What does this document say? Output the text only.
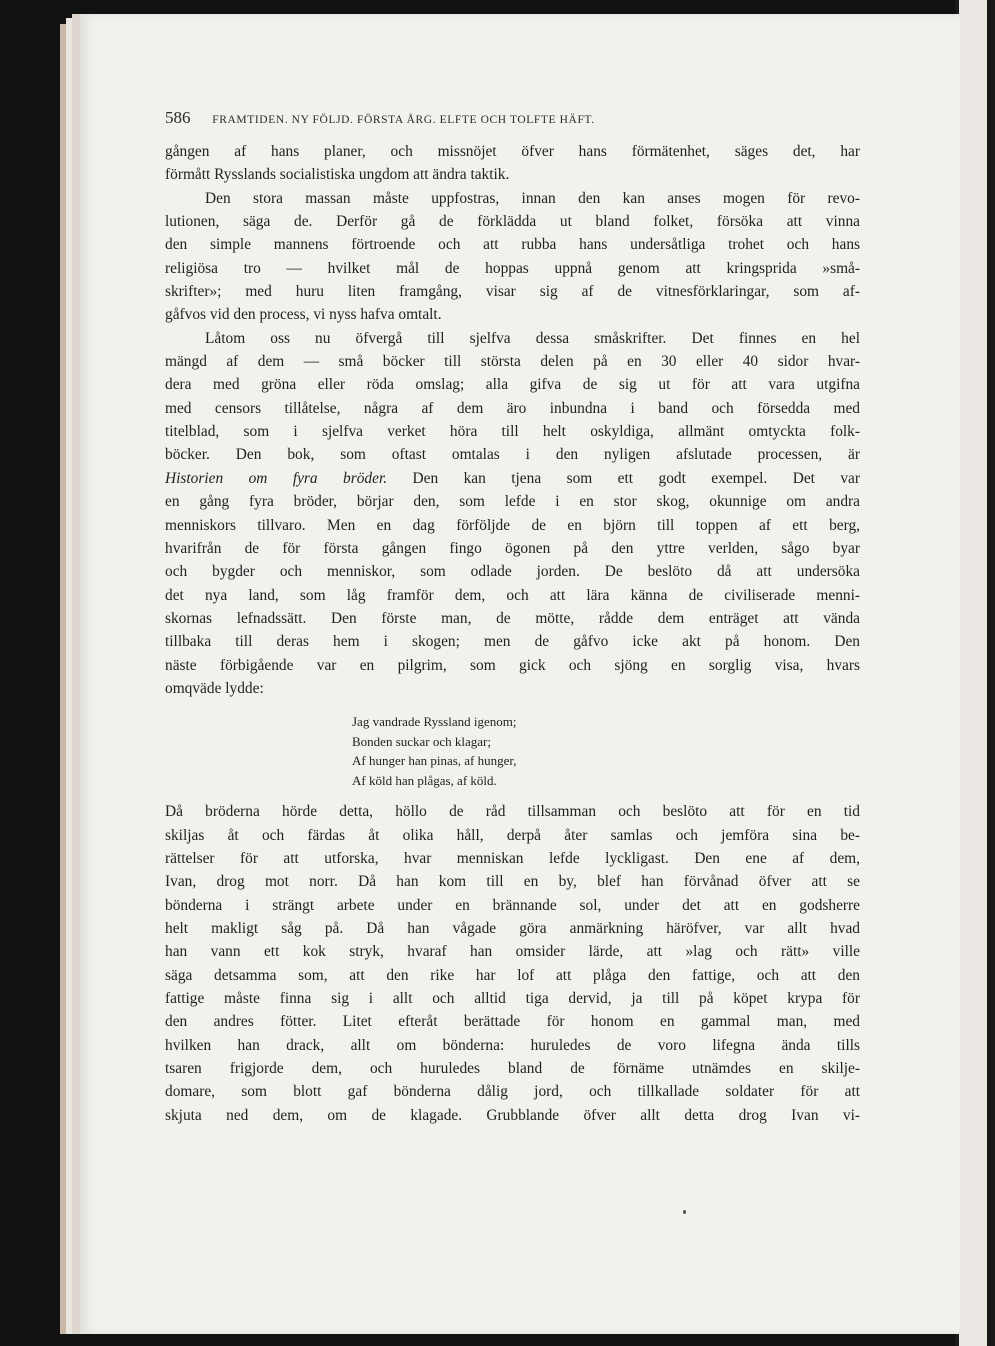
586 FRAMTIDEN. NY FÖLJD. FÖRSTA ÅRG. ELFTE OCH TOLFTE HÄFT.
gången af hans planer, och missnöjet öfver hans förmätenhet, säges det, har
förmått Rysslands socialistiska ungdom att ändra taktik.
Den stora massan måste uppfostras, innan den kan anses mogen för revo-
lutionen, säga de. Derför gå de förklädda ut bland folket, försöka att vinna
den simple mannens förtroende och att rubba hans undersåtliga trohet och hans
religiösa tro — hvilket mål de hoppas uppnå genom att kringsprida »små-
skrifter»; med huru liten framgång, visar sig af de vitnesförklaringar, som af-
gåfvos vid den process, vi nyss hafva omtalt.
Låtom oss nu öfvergå till sjelfva dessa småskrifter. Det finnes en hel
mängd af dem — små böcker till största delen på en 30 eller 40 sidor hvar-
dera med gröna eller röda omslag; alla gifva de sig ut för att vara utgifna
med censors tillåtelse, några af dem äro inbundna i band och försedda med
titelblad, som i sjelfva verket höra till helt oskyldiga, allmänt omtyckta folk-
böcker. Den bok, som oftast omtalas i den nyligen afslutade processen, är
Historien om fyra bröder. Den kan tjena som ett godt exempel. Det var
en gång fyra bröder, börjar den, som lefde i en stor skog, okunnige om andra
menniskors tillvaro. Men en dag förföljde de en björn till toppen af ett berg,
hvarifrån de för första gången fingo ögonen på den yttre verlden, sågo byar
och bygder och menniskor, som odlade jorden. De beslöto då att undersöka
det nya land, som låg framför dem, och att lära känna de civiliserade menni-
skornas lefnadssätt. Den förste man, de mötte, rådde dem enträget att vända
tillbaka till deras hem i skogen; men de gåfvo icke akt på honom. Den
näste förbigående var en pilgrim, som gick och sjöng en sorglig visa, hvars
omqväde lydde:
Jag vandrade Ryssland igenom;
Bonden suckar och klagar;
Af hunger han pinas, af hunger,
Af köld han plågas, af köld.
Då bröderna hörde detta, höllo de råd tillsamman och beslöto att för en tid
skiljas åt och färdas åt olika håll, derpå åter samlas och jemföra sina be-
rättelser för att utforska, hvar menniskan lefde lyckligast. Den ene af dem,
Ivan, drog mot norr. Då han kom till en by, blef han förvånad öfver att se
bönderna i strängt arbete under en brännande sol, under det att en godsherre
helt makligt såg på. Då han vågade göra anmärkning häröfver, var allt hvad
han vann ett kok stryk, hvaraf han omsider lärde, att »lag och rätt» ville
säga detsamma som, att den rike har lof att plåga den fattige, och att den
fattige måste finna sig i allt och alltid tiga dervid, ja till på köpet krypa för
den andres fötter. Litet efteråt berättade för honom en gammal man, med
hvilken han drack, allt om bönderna: huruledes de voro lifegna ända tills
tsaren frigjorde dem, och huruledes bland de förnäme utnämdes en skilje-
domare, som blott gaf bönderna dålig jord, och tillkallade soldater för att
skjuta ned dem, om de klagade. Grubblande öfver allt detta drog Ivan vi-
